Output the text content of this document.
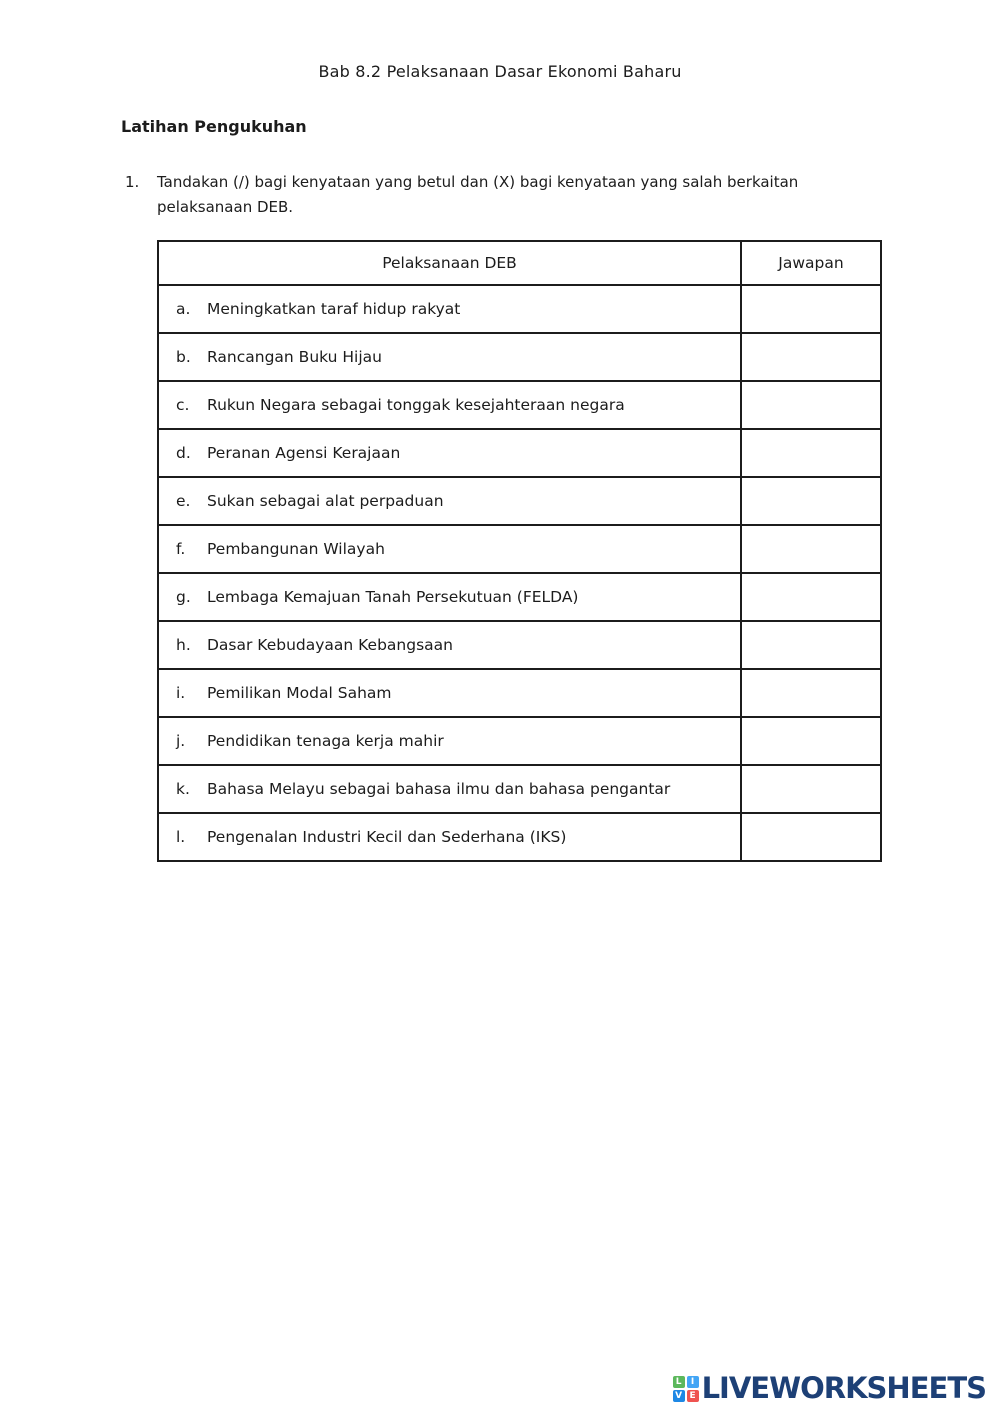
Bab 8.2 Pelaksanaan Dasar Ekonomi Baharu
Latihan Pengukuhan
1.	Tandakan (/) bagi kenyataan yang betul dan (X) bagi kenyataan yang salah berkaitan pelaksanaan DEB.
Pelaksanaan DEB	Jawapan
a. Meningkatkan taraf hidup rakyat	
b. Rancangan Buku Hijau	
c. Rukun Negara sebagai tonggak kesejahteraan negara	
d. Peranan Agensi Kerajaan	
e. Sukan sebagai alat perpaduan	
f. Pembangunan Wilayah	
g. Lembaga Kemajuan Tanah Persekutuan (FELDA)	
h. Dasar Kebudayaan Kebangsaan	
i. Pemilikan Modal Saham	
j. Pendidikan tenaga kerja mahir	
k. Bahasa Melayu sebagai bahasa ilmu dan bahasa pengantar	
l. Pengenalan Industri Kecil dan Sederhana (IKS)	
L	I
V E LIVEWORKSHEETS
